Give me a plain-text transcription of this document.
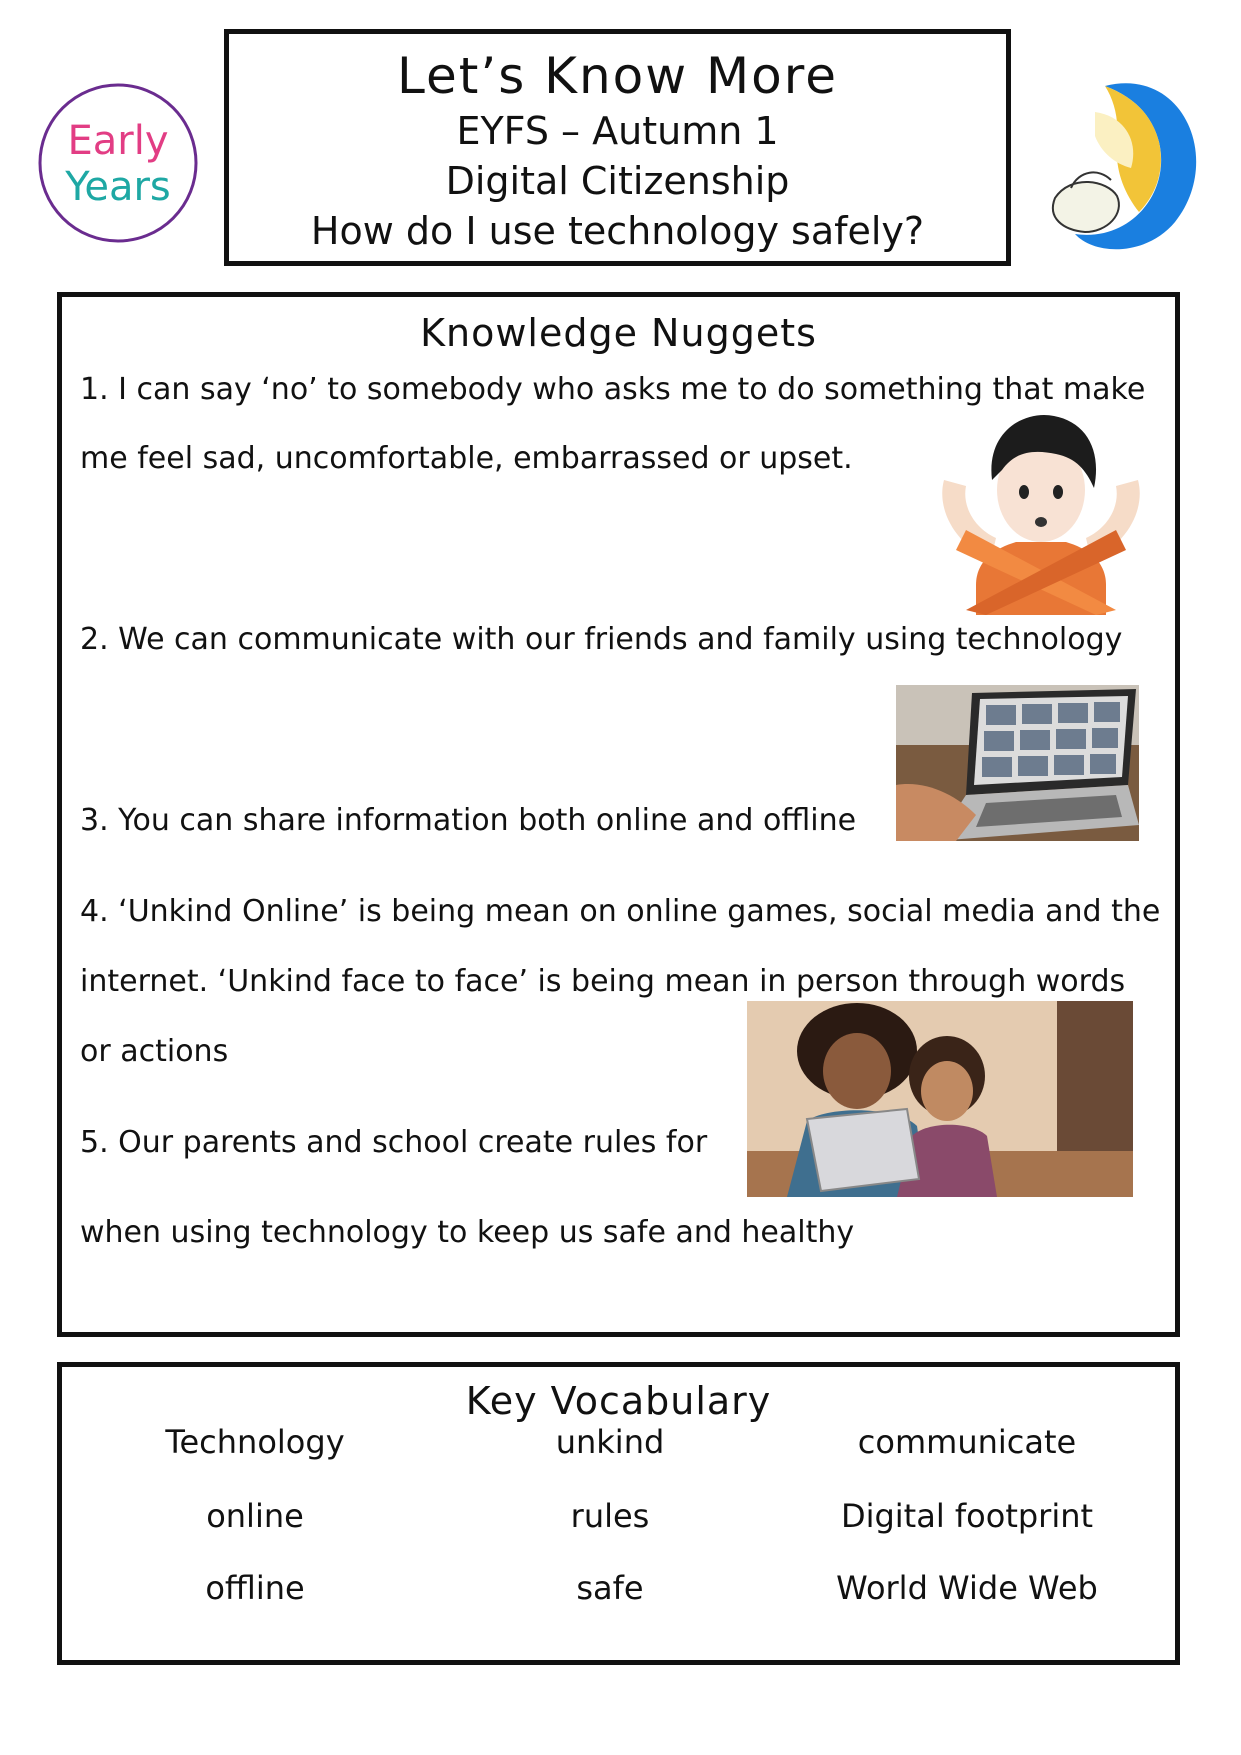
Early
Years
Let’s Know More
EYFS – Autumn 1
Digital Citizenship
How do I use technology safely?
Knowledge Nuggets
1. I can say ‘no’ to somebody who asks me to do something that make
me feel sad, uncomfortable, embarrassed or upset.
2. We can communicate with our friends and family using technology
3. You can share information both online and offline
4. ‘Unkind Online’ is being mean on online games, social media and the
internet. ‘Unkind face to face’ is being mean in person through words
or actions
5. Our parents and school create rules for
when using technology to keep us safe and healthy
Key Vocabulary
Technology	unkind	communicate
online	rules	Digital footprint
offline	safe	World Wide Web
